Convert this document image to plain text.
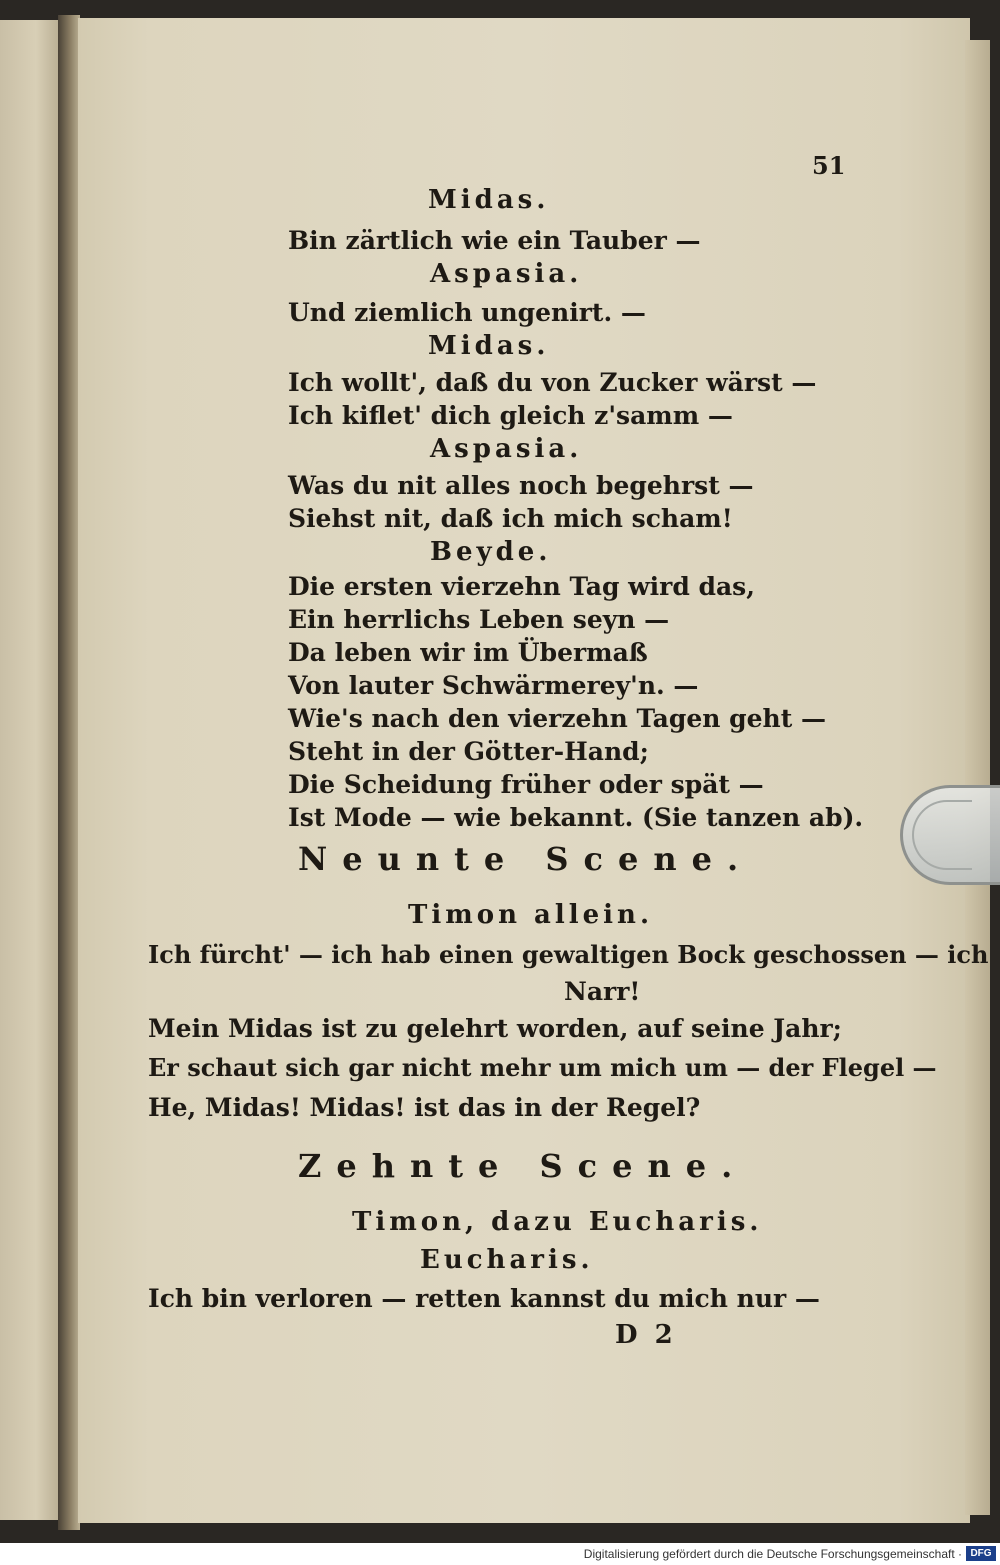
51
Midas.
Bin zärtlich wie ein Tauber —
Aspasia.
Und ziemlich ungenirt. —
Midas.
Ich wollt', daß du von Zucker wärst —
Ich kiflet' dich gleich z'samm —
Aspasia.
Was du nit alles noch begehrst —
Siehst nit, daß ich mich scham!
Beyde.
Die ersten vierzehn Tag wird das,
Ein herrlichs Leben seyn —
Da leben wir im Übermaß
Von lauter Schwärmerey'n. —
Wie's nach den vierzehn Tagen geht —
Steht in der Götter-Hand;
Die Scheidung früher oder spät —
Ist Mode — wie bekannt. (Sie tanzen ab).
Neunte Scene.
Timon allein.
Ich fürcht' — ich hab einen gewaltigen Bock geschossen — ich
Narr!
Mein Midas ist zu gelehrt worden, auf seine Jahr;
Er schaut sich gar nicht mehr um mich um — der Flegel —
He, Midas! Midas! ist das in der Regel?
Zehnte Scene.
Timon, dazu Eucharis.
Eucharis.
Ich bin verloren — retten kannst du mich nur —
D 2
Digitalisierung gefördert durch die Deutsche Forschungsgemeinschaft · DFG
